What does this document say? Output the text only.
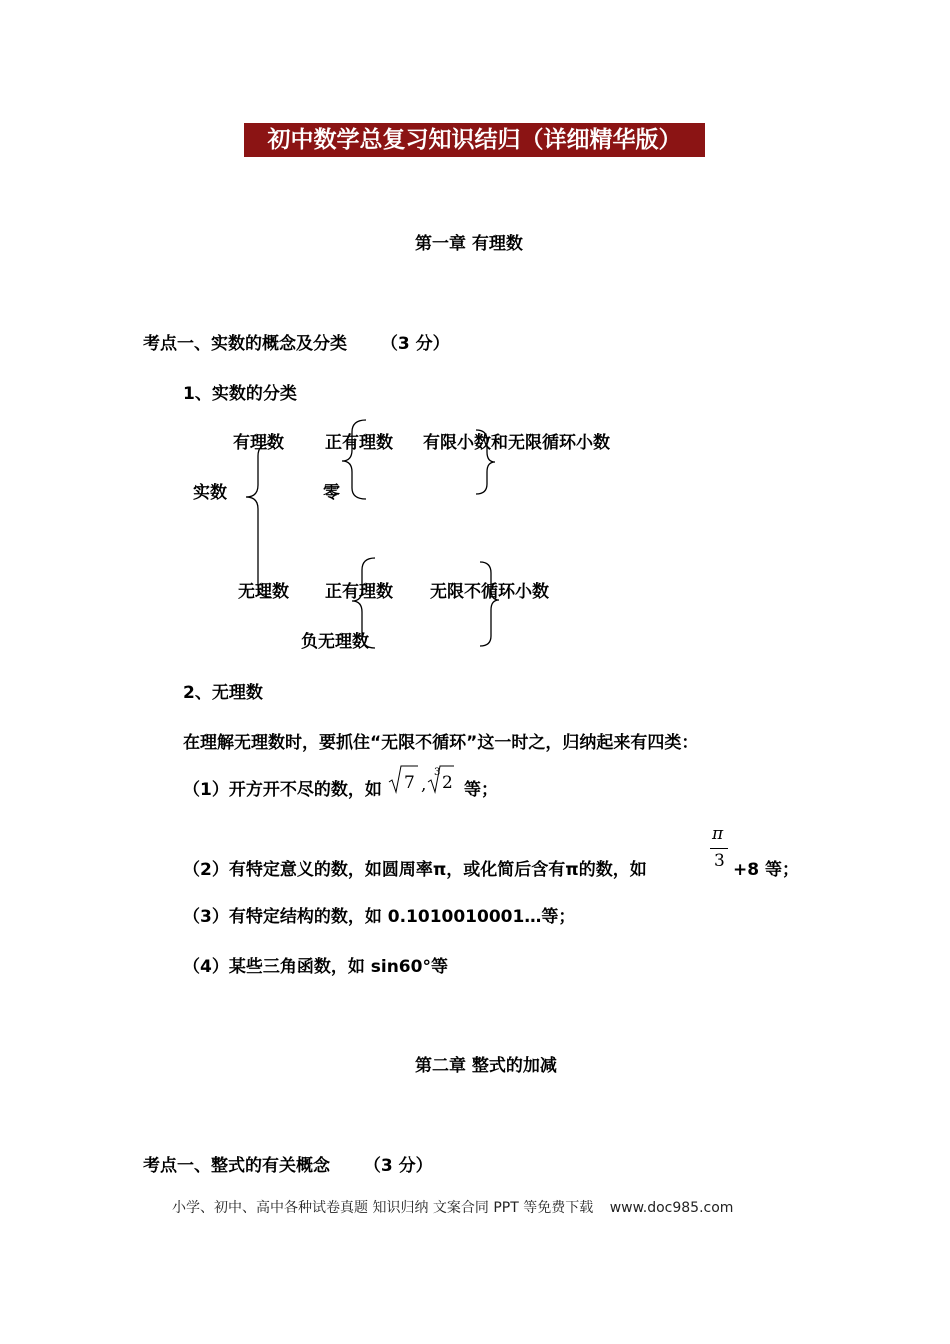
初中数学总复习知识结归（详细精华版）
第一章 有理数
考点一、实数的概念及分类 （3 分）
1、实数的分类
有理数 正有理数 有限小数和无限循环小数
实数	零
无理数 正有理数 无限不循环小数
负无理数
2、无理数
在理解无理数时，要抓住“无限不循环”这一时之，归纳起来有四类：
（1）开方开不尽的数，如 7 ,
3
2 等；
（2）有特定意义的数，如圆周率π，或化简后含有π的数，如
π
3 +8 等；
（3）有特定结构的数，如 0.1010010001…等；
（4）某些三角函数，如 sin60°等
第二章 整式的加减
考点一、整式的有关概念 （3 分）
小学、初中、高中各种试卷真题 知识归纳 文案合同 PPT 等免费下载 www.doc985.com
